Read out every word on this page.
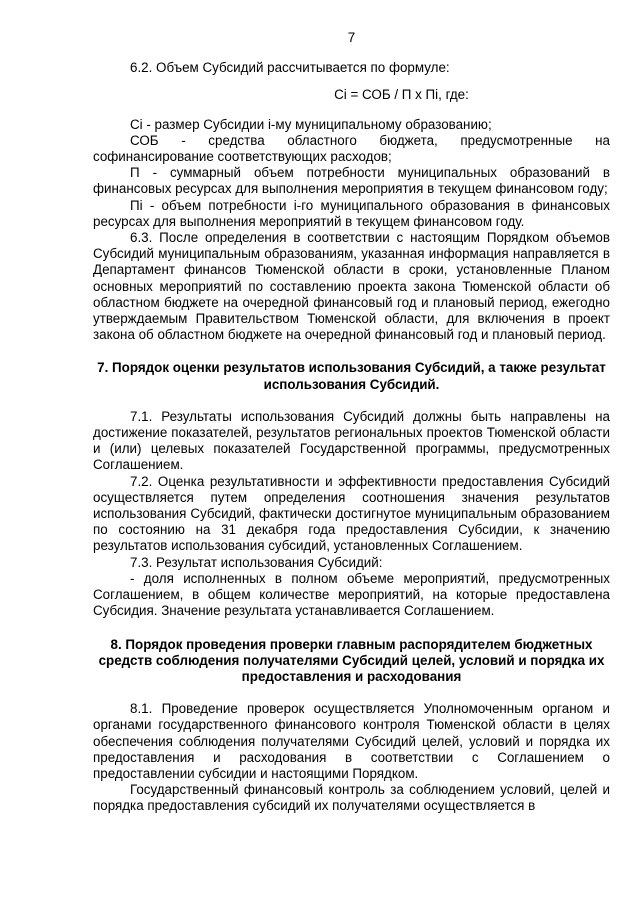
7

6.2. Объем Субсидий рассчитывается по формуле:

Ci = СОБ / П х Пi, где:

Ci - размер Субсидии i-му муниципальному образованию;

СОБ - средства областного бюджета, предусмотренные на софинансирование соответствующих расходов;

П - суммарный объем потребности муниципальных образований в финансовых ресурсах для выполнения мероприятия в текущем финансовом году;

Пi - объем потребности i-го муниципального образования в финансовых ресурсах для выполнения мероприятий в текущем финансовом году.

6.3. После определения в соответствии с настоящим Порядком объемов Субсидий муниципальным образованиям, указанная информация направляется в Департамент финансов Тюменской области в сроки, установленные Планом основных мероприятий по составлению проекта закона Тюменской области об областном бюджете на очередной финансовый год и плановый период, ежегодно утверждаемым Правительством Тюменской области, для включения в проект закона об областном бюджете на очередной финансовый год и плановый период.

7. Порядок оценки результатов использования Субсидий, а также результат использования Субсидий.

7.1. Результаты использования Субсидий должны быть направлены на достижение показателей, результатов региональных проектов Тюменской области и (или) целевых показателей Государственной программы, предусмотренных Соглашением.

7.2. Оценка результативности и эффективности предоставления Субсидий осуществляется путем определения соотношения значения результатов использования Субсидий, фактически достигнутое муниципальным образованием по состоянию на 31 декабря года предоставления Субсидии, к значению результатов использования субсидий, установленных Соглашением.

7.3. Результат использования Субсидий:

- доля исполненных в полном объеме мероприятий, предусмотренных Соглашением, в общем количестве мероприятий, на которые предоставлена Субсидия. Значение результата устанавливается Соглашением.

8. Порядок проведения проверки главным распорядителем бюджетных средств соблюдения получателями Субсидий целей, условий и порядка их предоставления и расходования

8.1. Проведение проверок осуществляется Уполномоченным органом и органами государственного финансового контроля Тюменской области в целях обеспечения соблюдения получателями Субсидий целей, условий и порядка их предоставления и расходования в соответствии с Соглашением о предоставлении субсидии и настоящими Порядком.

Государственный финансовый контроль за соблюдением условий, целей и порядка предоставления субсидий их получателями осуществляется в
